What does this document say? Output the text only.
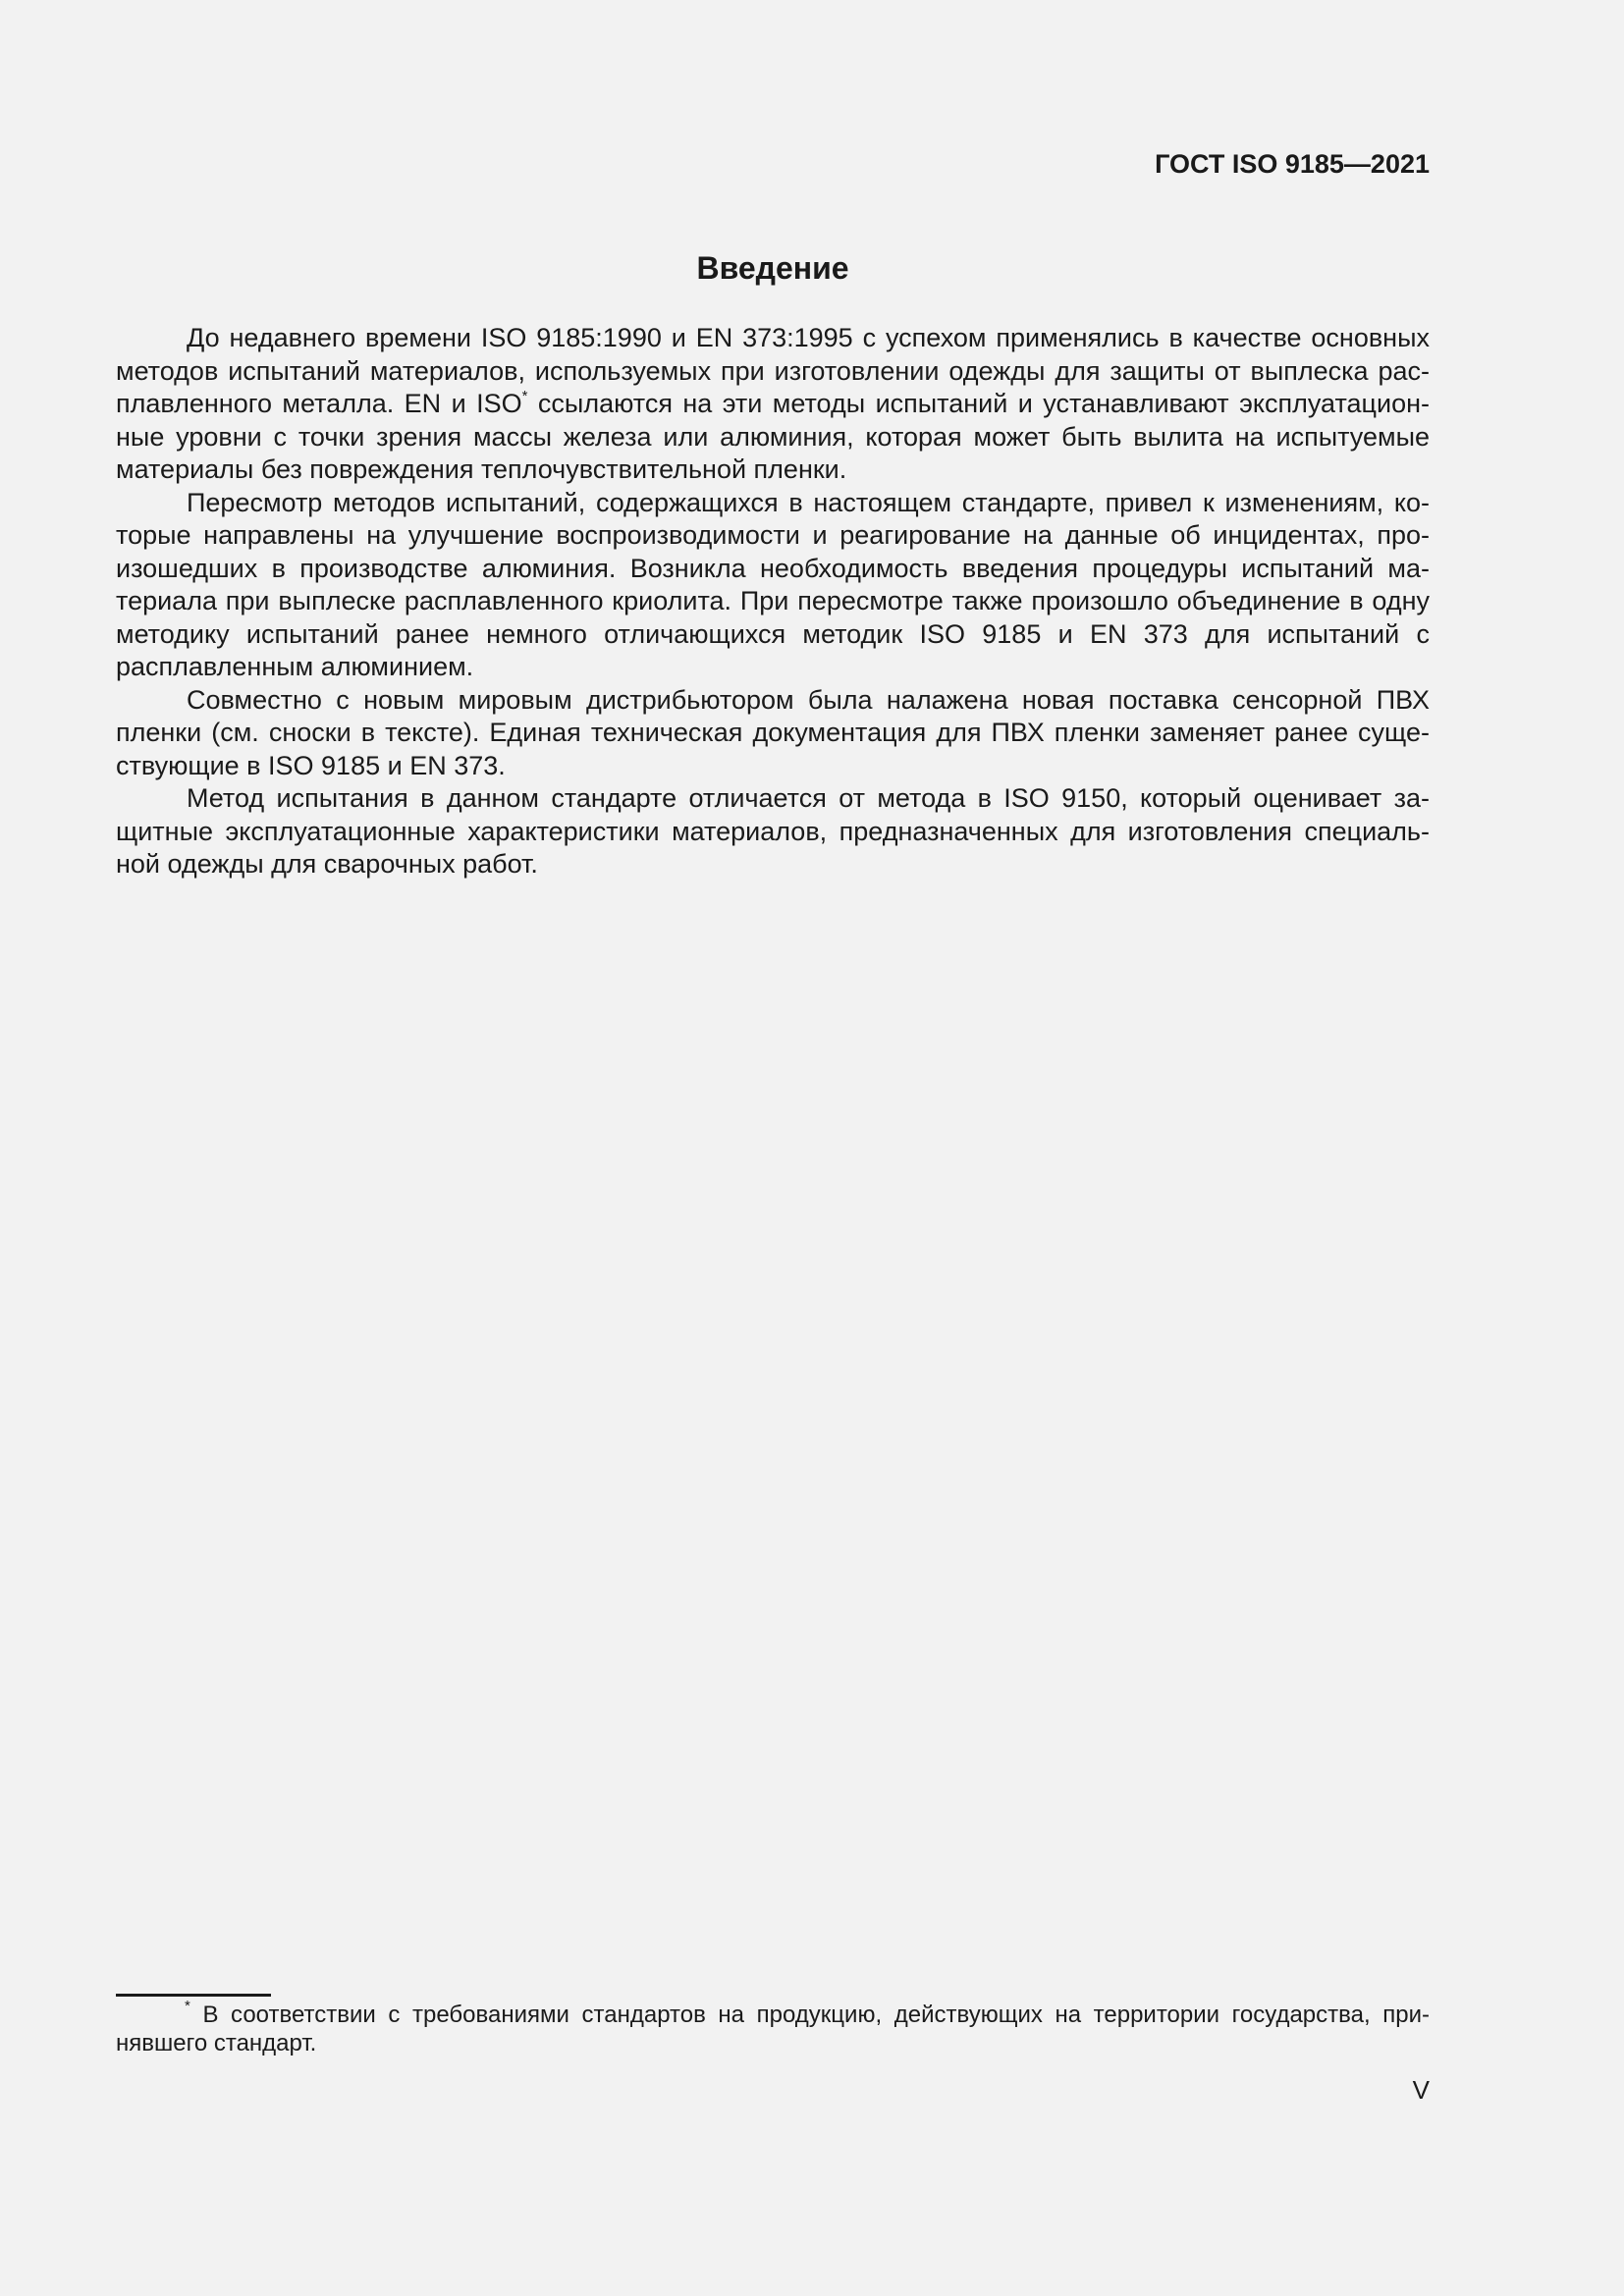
ГОСТ ISO 9185—2021
Введение

До недавнего времени ISO 9185:1990 и EN 373:1995 с успехом применялись в качестве основных методов испытаний материалов, используемых при изготовлении одежды для защиты от выплеска расплавленного металла. EN и ISO* ссылаются на эти методы испытаний и устанавливают эксплуатационные уровни с точки зрения массы железа или алюминия, которая может быть вылита на испытуемые материалы без повреждения теплочувствительной пленки.

Пересмотр методов испытаний, содержащихся в настоящем стандарте, привел к изменениям, которые направлены на улучшение воспроизводимости и реагирование на данные об инцидентах, произошедших в производстве алюминия. Возникла необходимость введения процедуры испытаний материала при выплеске расплавленного криолита. При пересмотре также произошло объединение в одну методику испытаний ранее немного отличающихся методик ISO 9185 и EN 373 для испытаний с расплавленным алюминием.

Совместно с новым мировым дистрибьютором была налажена новая поставка сенсорной ПВХ пленки (см. сноски в тексте). Единая техническая документация для ПВХ пленки заменяет ранее существующие в ISO 9185 и EN 373.

Метод испытания в данном стандарте отличается от метода в ISO 9150, который оценивает защитные эксплуатационные характеристики материалов, предназначенных для изготовления специальной одежды для сварочных работ.

* В соответствии с требованиями стандартов на продукцию, действующих на территории государства, принявшего стандарт.
V
